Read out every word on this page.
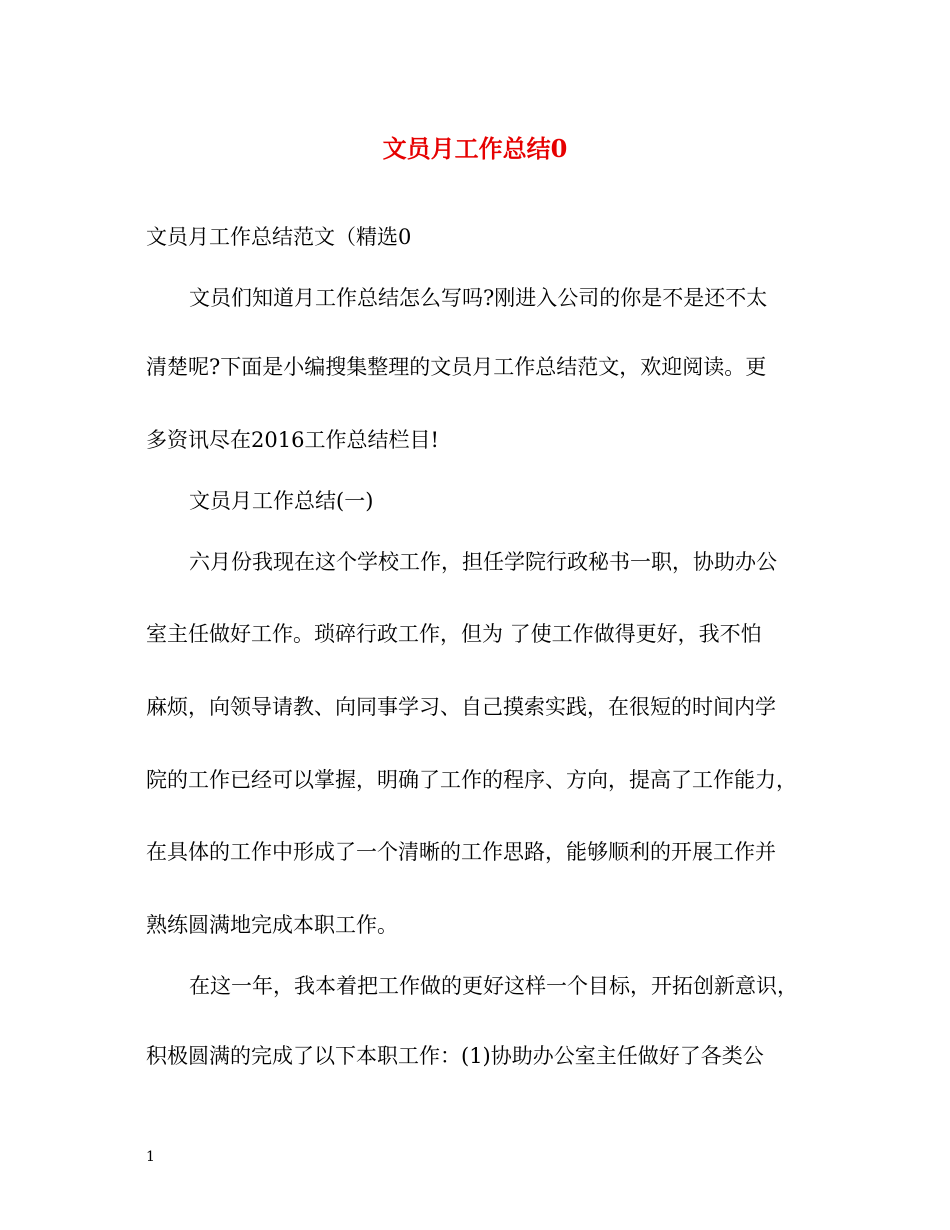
文员月工作总结0
文员月工作总结范文（精选0
文员们知道月工作总结怎么写吗?刚进入公司的你是不是还不太
清楚呢?下面是小编搜集整理的文员月工作总结范文，欢迎阅读。更
多资讯尽在2016工作总结栏目!
文员月工作总结(一)
六月份我现在这个学校工作，担任学院行政秘书一职，协助办公
室主任做好工作。琐碎行政工作，但为 了使工作做得更好，我不怕
麻烦，向领导请教、向同事学习、自己摸索实践，在很短的时间内学
院的工作已经可以掌握，明确了工作的程序、方向，提高了工作能力，
在具体的工作中形成了一个清晰的工作思路，能够顺利的开展工作并
熟练圆满地完成本职工作。
在这一年，我本着把工作做的更好这样一个目标，开拓创新意识，
积极圆满的完成了以下本职工作：(1)协助办公室主任做好了各类公
1
